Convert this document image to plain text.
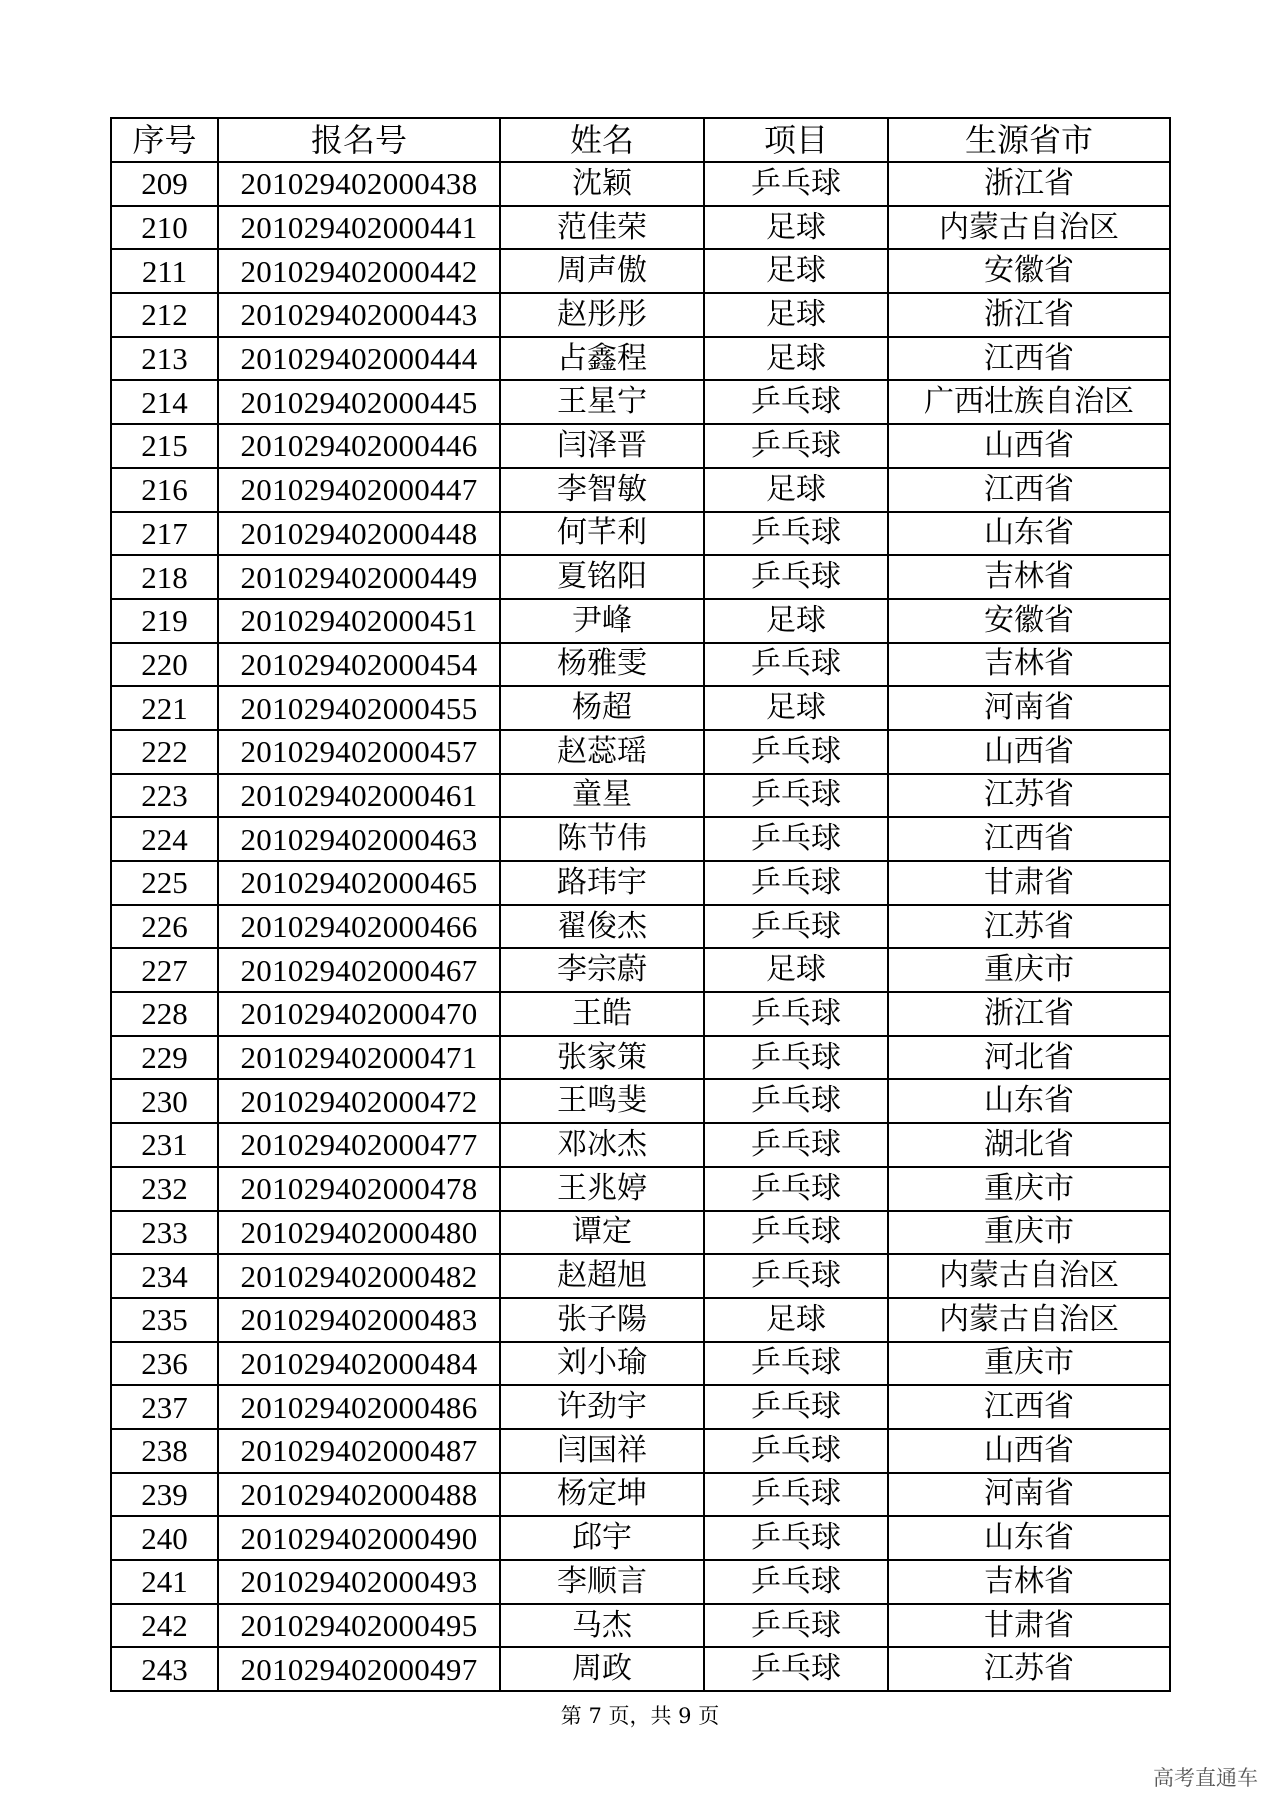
序号	报名号	姓名	项目	生源省市
209	201029402000438	沈颖	乒乓球	浙江省
210	201029402000441	范佳荣	足球	内蒙古自治区
211	201029402000442	周声傲	足球	安徽省
212	201029402000443	赵彤彤	足球	浙江省
213	201029402000444	占鑫程	足球	江西省
214	201029402000445	王星宁	乒乓球	广西壮族自治区
215	201029402000446	闫泽晋	乒乓球	山西省
216	201029402000447	李智敏	足球	江西省
217	201029402000448	何芊利	乒乓球	山东省
218	201029402000449	夏铭阳	乒乓球	吉林省
219	201029402000451	尹峰	足球	安徽省
220	201029402000454	杨雅雯	乒乓球	吉林省
221	201029402000455	杨超	足球	河南省
222	201029402000457	赵蕊瑶	乒乓球	山西省
223	201029402000461	童星	乒乓球	江苏省
224	201029402000463	陈节伟	乒乓球	江西省
225	201029402000465	路玮宇	乒乓球	甘肃省
226	201029402000466	翟俊杰	乒乓球	江苏省
227	201029402000467	李宗蔚	足球	重庆市
228	201029402000470	王皓	乒乓球	浙江省
229	201029402000471	张家策	乒乓球	河北省
230	201029402000472	王鸣斐	乒乓球	山东省
231	201029402000477	邓冰杰	乒乓球	湖北省
232	201029402000478	王兆婷	乒乓球	重庆市
233	201029402000480	谭定	乒乓球	重庆市
234	201029402000482	赵超旭	乒乓球	内蒙古自治区
235	201029402000483	张子陽	足球	内蒙古自治区
236	201029402000484	刘小瑜	乒乓球	重庆市
237	201029402000486	许劲宇	乒乓球	江西省
238	201029402000487	闫国祥	乒乓球	山西省
239	201029402000488	杨定坤	乒乓球	河南省
240	201029402000490	邱宇	乒乓球	山东省
241	201029402000493	李顺言	乒乓球	吉林省
242	201029402000495	马杰	乒乓球	甘肃省
243	201029402000497	周政	乒乓球	江苏省
第 7 页，共 9 页
高考直通车
